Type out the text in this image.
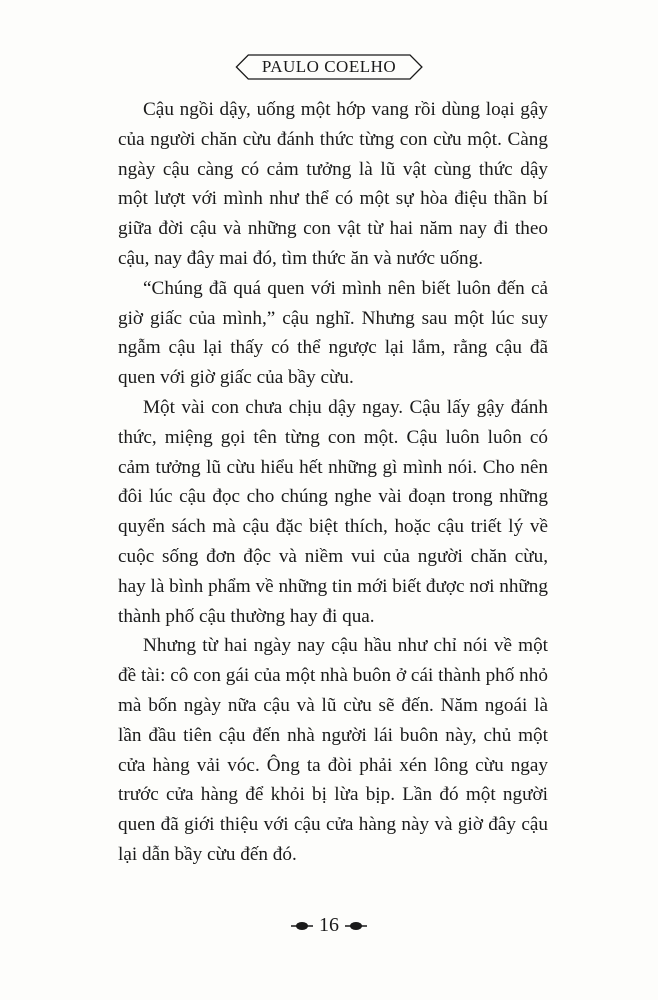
PAULO COELHO

Cậu ngồi dậy, uống một hớp vang rồi dùng loại gậy của người chăn cừu đánh thức từng con cừu một. Càng ngày cậu càng có cảm tưởng là lũ vật cùng thức dậy một lượt với mình như thể có một sự hòa điệu thần bí giữa đời cậu và những con vật từ hai năm nay đi theo cậu, nay đây mai đó, tìm thức ăn và nước uống.

“Chúng đã quá quen với mình nên biết luôn đến cả giờ giấc của mình,” cậu nghĩ. Nhưng sau một lúc suy ngẫm cậu lại thấy có thể ngược lại lắm, rằng cậu đã quen với giờ giấc của bầy cừu.

Một vài con chưa chịu dậy ngay. Cậu lấy gậy đánh thức, miệng gọi tên từng con một. Cậu luôn luôn có cảm tưởng lũ cừu hiểu hết những gì mình nói. Cho nên đôi lúc cậu đọc cho chúng nghe vài đoạn trong những quyển sách mà cậu đặc biệt thích, hoặc cậu triết lý về cuộc sống đơn độc và niềm vui của người chăn cừu, hay là bình phẩm về những tin mới biết được nơi những thành phố cậu thường hay đi qua.

Nhưng từ hai ngày nay cậu hầu như chỉ nói về một đề tài: cô con gái của một nhà buôn ở cái thành phố nhỏ mà bốn ngày nữa cậu và lũ cừu sẽ đến. Năm ngoái là lần đầu tiên cậu đến nhà người lái buôn này, chủ một cửa hàng vải vóc. Ông ta đòi phải xén lông cừu ngay trước cửa hàng để khỏi bị lừa bịp. Lần đó một người quen đã giới thiệu với cậu cửa hàng này và giờ đây cậu lại dẫn bầy cừu đến đó.

16
